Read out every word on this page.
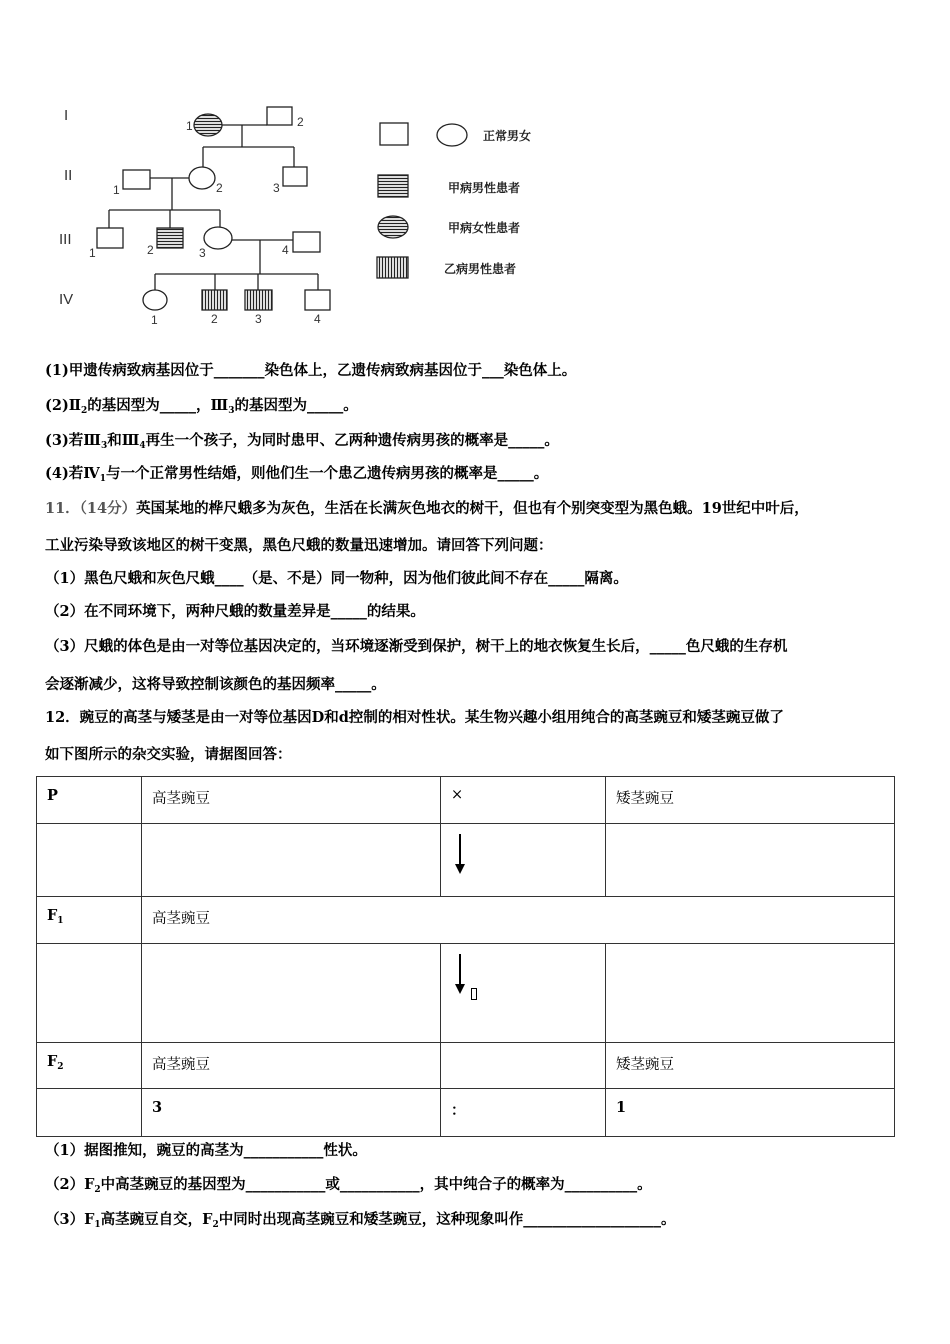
I
II
III
IV
1	2
1	2	3
1	2	3	4
1	2	3	4
正常男女
甲病男性患者
甲病女性患者
乙病男性患者
(1)甲遗传病致病基因位于_______染色体上，乙遗传病致病基因位于___染色体上。
$(2)Ⅱ_2$的基因型为_____，$Ⅲ_3$的基因型为_____。
(3)若$Ⅲ_3$和$Ⅲ_4$再生一个孩子，为同时患甲、乙两种遗传病男孩的概率是_____。
(4)若$Ⅳ_1$与一个正常男性结婚，则他们生一个患乙遗传病男孩的概率是_____。
11．（14分）英国某地的桦尺蛾多为灰色，生活在长满灰色地衣的树干，但也有个别突变型为黑色蛾。19世纪中叶后，
工业污染导致该地区的树干变黑，黑色尺蛾的数量迅速增加。请回答下列问题：
（1）黑色尺蛾和灰色尺蛾____（是、不是）同一物种，因为他们彼此间不存在_____隔离。
（2）在不同环境下，两种尺蛾的数量差异是_____的结果。
（3）尺蛾的体色是由一对等位基因决定的，当环境逐渐受到保护，树干上的地衣恢复生长后，_____色尺蛾的生存机
会逐渐减少，这将导致控制该颜色的基因频率_____。
12．豌豆的高茎与矮茎是由一对等位基因D和d控制的相对性状。某生物兴趣小组用纯合的高茎豌豆和矮茎豌豆做了
如下图所示的杂交实验，请据图回答：
P	高茎豌豆	×	矮茎豌豆

$F_1$	高茎豌豆		

$F_2$	高茎豌豆		矮茎豌豆
	3	：	1
（1）据图推知，豌豆的高茎为___________性状。
$(2)F_2$中高茎豌豆的基因型为___________或___________，其中纯合子的概率为__________。
$(3)F_1$高茎豌豆自交，$F_2$中同时出现高茎豌豆和矮茎豌豆，这种现象叫作___________________。
